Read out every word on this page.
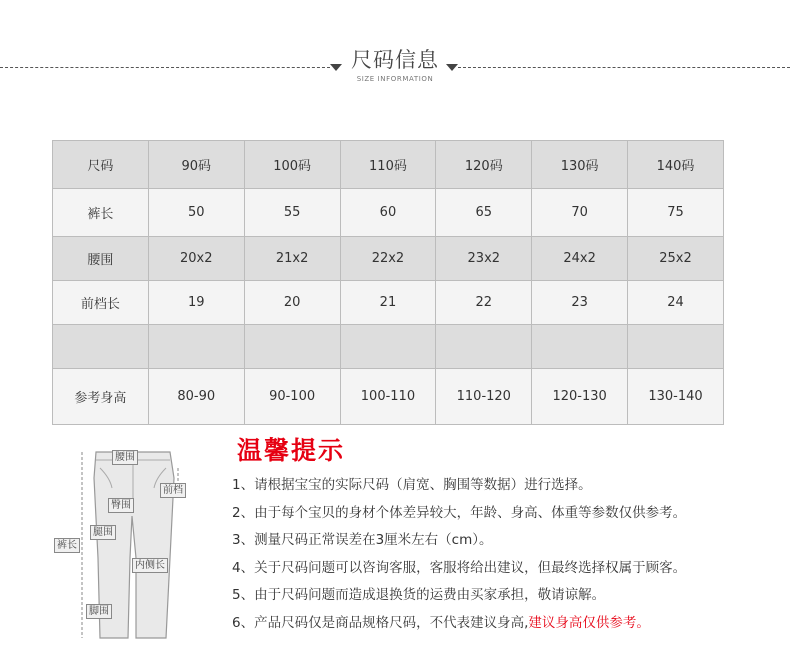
尺码信息
SIZE INFORMATION
尺码	90码	100码	110码	120码	130码	140码
裤长	50	55	60	65	70	75
腰围	20x2	21x2	22x2	23x2	24x2	25x2
前档长	19	20	21	22	23	24

参考身高	80-90	90-100	100-110	110-120	120-130	130-140
腰围
前档
臀围
裤长
腿围
内侧长
脚围
温馨提示
1、请根据宝宝的实际尺码（肩宽、胸围等数据）进行选择。
2、由于每个宝贝的身材个体差异较大，年龄、身高、体重等参数仅供参考。
3、测量尺码正常误差在3厘米左右（cm）。
4、关于尺码问题可以咨询客服，客服将给出建议，但最终选择权属于顾客。
5、由于尺码问题而造成退换货的运费由买家承担，敬请谅解。
6、产品尺码仅是商品规格尺码，不代表建议身高,建议身高仅供参考。
